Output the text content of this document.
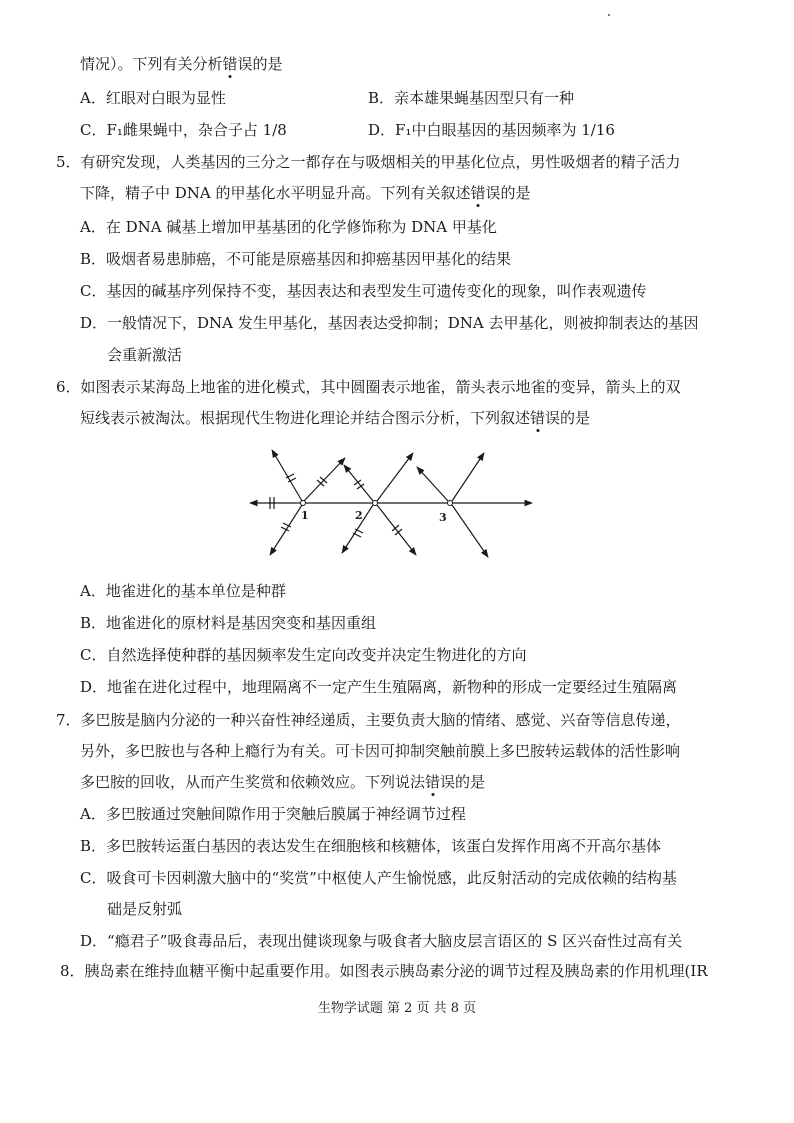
情况）。下列有关分析错误的是
A．红眼对白眼为显性	B．亲本雄果蝇基因型只有一种
C．F₁雌果蝇中，杂合子占 1/8	D．F₁中白眼基因的基因频率为 1/16
5．有研究发现，人类基因的三分之一都存在与吸烟相关的甲基化位点，男性吸烟者的精子活力
下降，精子中 DNA 的甲基化水平明显升高。下列有关叙述错误的是
A．在 DNA 碱基上增加甲基基团的化学修饰称为 DNA 甲基化
B．吸烟者易患肺癌，不可能是原癌基因和抑癌基因甲基化的结果
C．基因的碱基序列保持不变，基因表达和表型发生可遗传变化的现象，叫作表观遗传
D．一般情况下，DNA 发生甲基化，基因表达受抑制；DNA 去甲基化，则被抑制表达的基因
会重新激活
6．如图表示某海岛上地雀的进化模式，其中圆圈表示地雀，箭头表示地雀的变异，箭头上的双
短线表示被淘汰。根据现代生物进化理论并结合图示分析，下列叙述错误的是
1	2	3
A．地雀进化的基本单位是种群
B．地雀进化的原材料是基因突变和基因重组
C．自然选择使种群的基因频率发生定向改变并决定生物进化的方向
D．地雀在进化过程中，地理隔离不一定产生生殖隔离，新物种的形成一定要经过生殖隔离
7．多巴胺是脑内分泌的一种兴奋性神经递质，主要负责大脑的情绪、感觉、兴奋等信息传递，
另外，多巴胺也与各种上瘾行为有关。可卡因可抑制突触前膜上多巴胺转运载体的活性影响
多巴胺的回收，从而产生奖赏和依赖效应。下列说法错误的是
A．多巴胺通过突触间隙作用于突触后膜属于神经调节过程
B．多巴胺转运蛋白基因的表达发生在细胞核和核糖体，该蛋白发挥作用离不开高尔基体
C．吸食可卡因刺激大脑中的“奖赏”中枢使人产生愉悦感，此反射活动的完成依赖的结构基
础是反射弧
D．“瘾君子”吸食毒品后，表现出健谈现象与吸食者大脑皮层言语区的 S 区兴奋性过高有关
8．胰岛素在维持血糖平衡中起重要作用。如图表示胰岛素分泌的调节过程及胰岛素的作用机理(IR
生物学试题 第 2 页 共 8 页
